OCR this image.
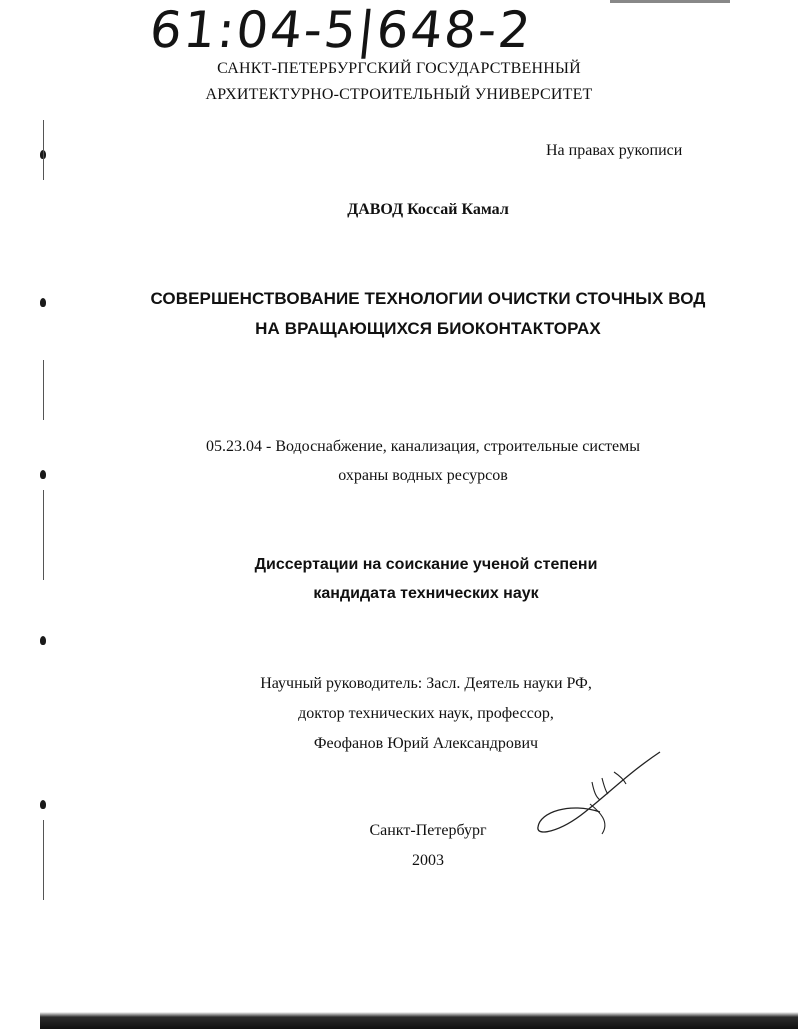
61:04-5|648-2
САНКТ-ПЕТЕРБУРГСКИЙ ГОСУДАРСТВЕННЫЙ
АРХИТЕКТУРНО-СТРОИТЕЛЬНЫЙ УНИВЕРСИТЕТ
На правах рукописи
ДАВОД Коссай Камал
СОВЕРШЕНСТВОВАНИЕ ТЕХНОЛОГИИ ОЧИСТКИ СТОЧНЫХ ВОД
НА ВРАЩАЮЩИХСЯ БИОКОНТАКТОРАХ
05.23.04 - Водоснабжение, канализация, строительные системы
охраны водных ресурсов
Диссертации на соискание ученой степени
кандидата технических наук
Научный руководитель: Засл. Деятель науки РФ,
доктор технических наук, профессор,
Феофанов Юрий Александрович
Санкт-Петербург
2003
